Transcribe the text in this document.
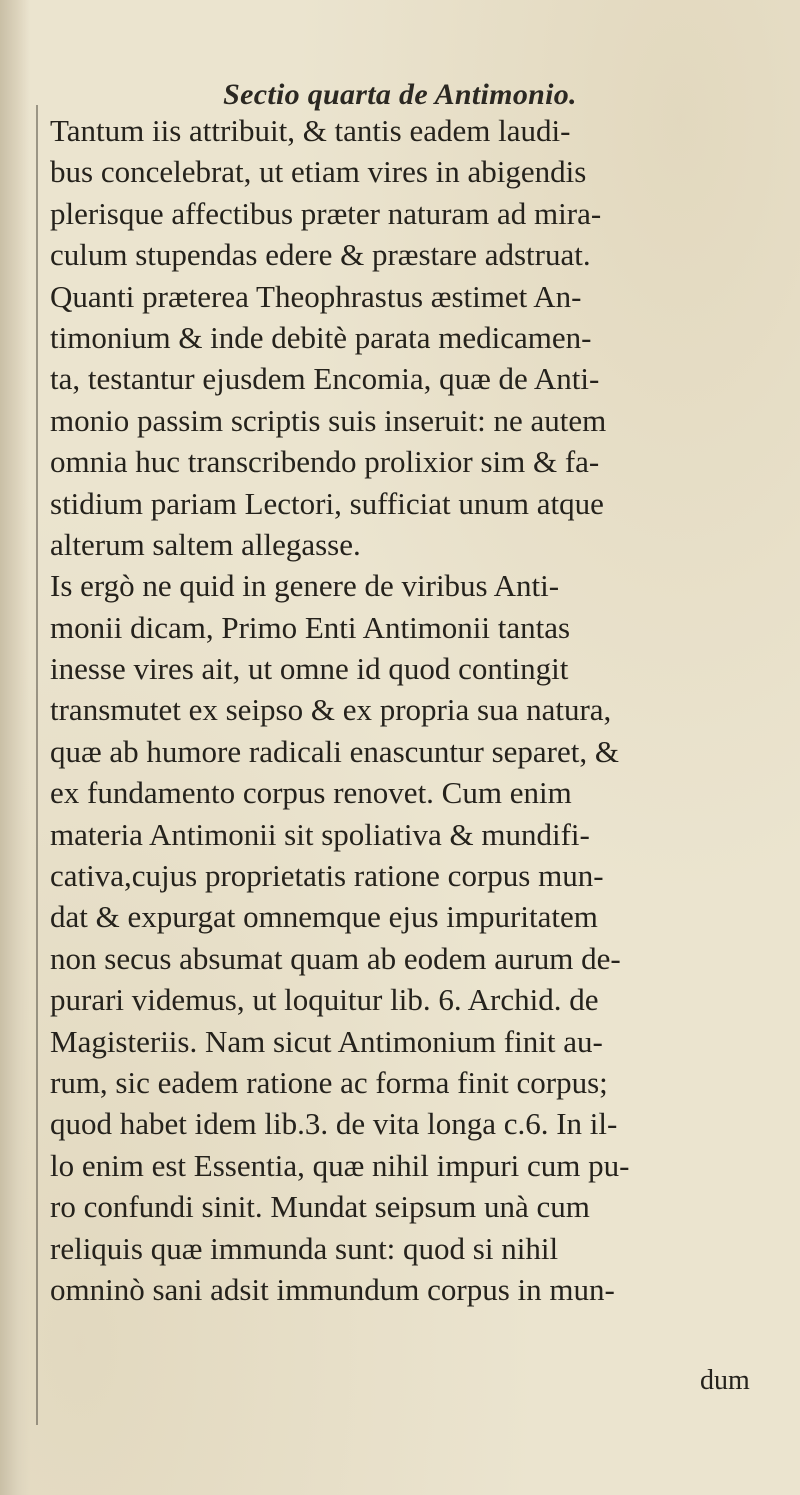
Sectio quarta de Antimonio.
Tantum iis attribuit, & tantis eadem laudi-
bus concelebrat, ut etiam vires in abigendis
plerisque affectibus præter naturam ad mira-
culum stupendas edere & præstare adstruat.
Quanti præterea Theophrastus æstimet An-
timonium & inde debitè parata medicamen-
ta, testantur ejusdem Encomia, quæ de Anti-
monio passim scriptis suis inseruit: ne autem
omnia huc transcribendo prolixior sim & fa-
stidium pariam Lectori, sufficiat unum atque
alterum saltem allegasse.
Is ergò ne quid in genere de viribus Anti-
monii dicam, Primo Enti Antimonii tantas
inesse vires ait, ut omne id quod contingit
transmutet ex seipso & ex propria sua natura,
quæ ab humore radicali enascuntur separet, &
ex fundamento corpus renovet. Cum enim
materia Antimonii sit spoliativa & mundifi-
cativa,cujus proprietatis ratione corpus mun-
dat & expurgat omnemque ejus impuritatem
non secus absumat quam ab eodem aurum de-
purari videmus, ut loquitur lib. 6. Archid. de
Magisteriis. Nam sicut Antimonium finit au-
rum, sic eadem ratione ac forma finit corpus;
quod habet idem lib.3. de vita longa c.6. In il-
lo enim est Essentia, quæ nihil impuri cum pu-
ro confundi sinit. Mundat seipsum unà cum
reliquis quæ immunda sunt: quod si nihil
omninò sani adsit immundum corpus in mun-
dum
